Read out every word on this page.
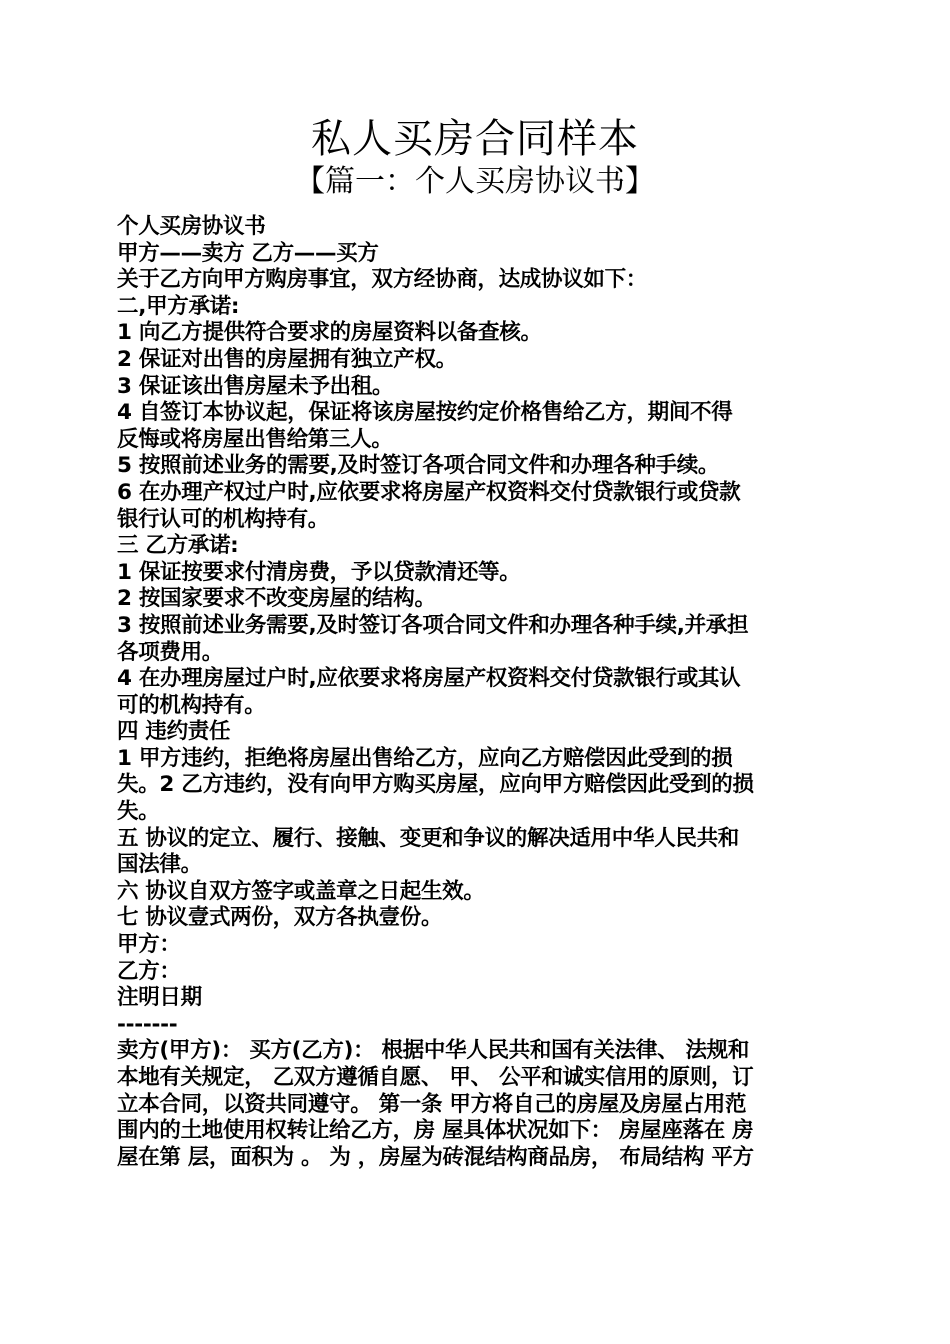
私人买房合同样本
【篇一：个人买房协议书】
个人买房协议书
甲方——卖方 乙方——买方
关于乙方向甲方购房事宜，双方经协商，达成协议如下：
二,甲方承诺:
1 向乙方提供符合要求的房屋资料以备查核。
2 保证对出售的房屋拥有独立产权。
3 保证该出售房屋未予出租。
4 自签订本协议起，保证将该房屋按约定价格售给乙方，期间不得
反悔或将房屋出售给第三人。
5 按照前述业务的需要,及时签订各项合同文件和办理各种手续。
6 在办理产权过户时,应依要求将房屋产权资料交付贷款银行或贷款
银行认可的机构持有。
三 乙方承诺:
1 保证按要求付清房费，予以贷款清还等。
2 按国家要求不改变房屋的结构。
3 按照前述业务需要,及时签订各项合同文件和办理各种手续,并承担
各项费用。
4 在办理房屋过户时,应依要求将房屋产权资料交付贷款银行或其认
可的机构持有。
四 违约责任
1 甲方违约，拒绝将房屋出售给乙方，应向乙方赔偿因此受到的损
失。2 乙方违约，没有向甲方购买房屋，应向甲方赔偿因此受到的损
失。
五 协议的定立、履行、接触、变更和争议的解决适用中华人民共和
国法律。
六 协议自双方签字或盖章之日起生效。
七 协议壹式两份，双方各执壹份。
甲方：
乙方：
注明日期
-------
卖方(甲方)： 买方(乙方)： 根据中华人民共和国有关法律、 法规和
本地有关规定， 乙双方遵循自愿、 甲、 公平和诚实信用的原则，订
立本合同，以资共同遵守。 第一条 甲方将自己的房屋及房屋占用范
围内的土地使用权转让给乙方，房 屋具体状况如下： 房屋座落在 房
屋在第 层，面积为 。 为 ，房屋为砖混结构商品房， 布局结构 平方
